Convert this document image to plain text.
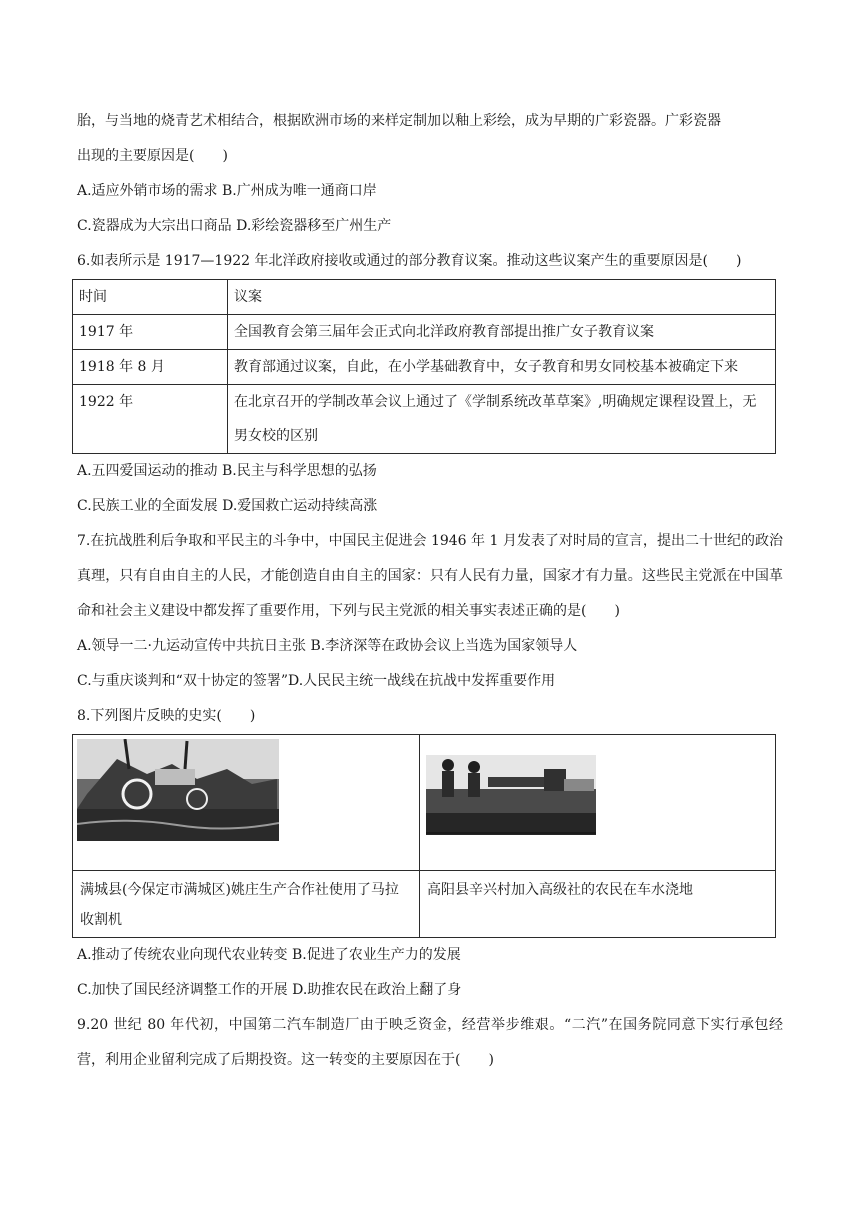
胎，与当地的烧青艺术相结合，根据欧洲市场的来样定制加以釉上彩绘，成为早期的广彩瓷器。广彩瓷器

出现的主要原因是(　　)

A.适应外销市场的需求 B.广州成为唯一通商口岸

C.瓷器成为大宗出口商品 D.彩绘瓷器移至广州生产

6.如表所示是 1917—1922 年北洋政府接收或通过的部分教育议案。推动这些议案产生的重要原因是(　　)

时间	议案
1917 年	全国教育会第三届年会正式向北洋政府教育部提出推广女子教育议案
1918 年 8 月	教育部通过议案，自此，在小学基础教育中，女子教育和男女同校基本被确定下来
1922 年	在北京召开的学制改革会议上通过了《学制系统改革草案》,明确规定课程设置上，无男女校的区别

A.五四爱国运动的推动 B.民主与科学思想的弘扬

C.民族工业的全面发展 D.爱国救亡运动持续高涨

7.在抗战胜利后争取和平民主的斗争中，中国民主促进会 1946 年 1 月发表了对时局的宣言，提出二十世纪的政治真理，只有自由自主的人民，才能创造自由自主的国家：只有人民有力量，国家才有力量。这些民主党派在中国革命和社会主义建设中都发挥了重要作用，下列与民主党派的相关事实表述正确的是(　　)

A.领导一二·九运动宣传中共抗日主张 B.李济深等在政协会议上当选为国家领导人

C.与重庆谈判和“双十协定的签署”D.人民民主统一战线在抗战中发挥重要作用

8.下列图片反映的史实(　　)

满城县(今保定市满城区)姚庄生产合作社使用了马拉收割机	高阳县辛兴村加入高级社的农民在车水浇地

A.推动了传统农业向现代农业转变 B.促进了农业生产力的发展

C.加快了国民经济调整工作的开展 D.助推农民在政治上翻了身

9.20 世纪 80 年代初，中国第二汽车制造厂由于映乏资金，经营举步维艰。“二汽”在国务院同意下实行承包经营，利用企业留利完成了后期投资。这一转变的主要原因在于(　　)
